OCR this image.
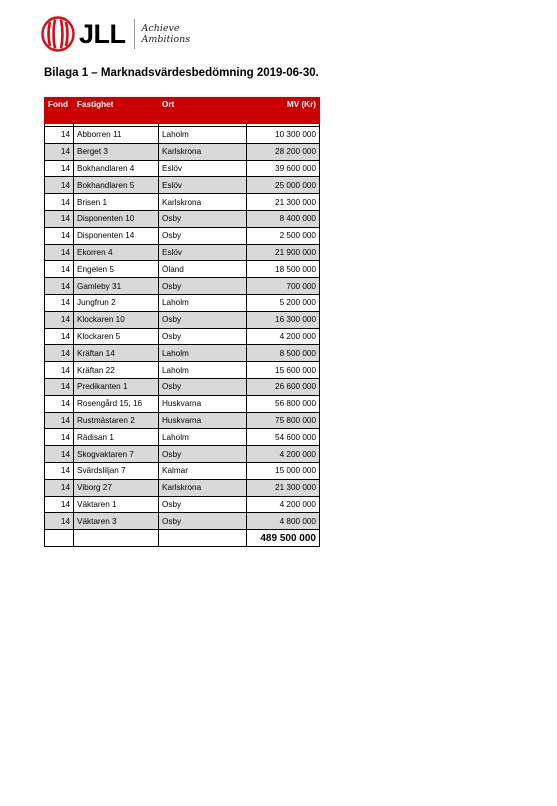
JLL Achieve
Ambitions
Bilaga 1 – Marknadsvärdesbedömning 2019-06-30.
Fond	Fastighet	Ort	MV (Kr)

14	Abborren 11	Laholm	10 300 000
14	Berget 3	Karlskrona	28 200 000
14	Bokhandlaren 4	Eslöv	39 600 000
14	Bokhandlaren 5	Eslöv	25 000 000
14	Brisen 1	Karlskrona	21 300 000
14	Disponenten 10	Osby	8 400 000
14	Disponenten 14	Osby	2 500 000
14	Ekorren 4	Eslöv	21 900 000
14	Engelen 5	Öland	18 500 000
14	Gamleby 31	Osby	700 000
14	Jungfrun 2	Laholm	5 200 000
14	Klockaren 10	Osby	16 300 000
14	Klockaren 5	Osby	4 200 000
14	Kräftan 14	Laholm	8 500 000
14	Kräftan 22	Laholm	15 600 000
14	Predikanten 1	Osby	26 600 000
14	Rosengård 15, 16	Huskvarna	56 800 000
14	Rustmästaren 2	Huskvarna	75 800 000
14	Rädisan 1	Laholm	54 600 000
14	Skogvaktaren 7	Osby	4 200 000
14	Svärdsliljan 7	Kalmar	15 000 000
14	Viborg 27	Karlskrona	21 300 000
14	Väktaren 1	Osby	4 200 000
14	Väktaren 3	Osby	4 800 000
			489 500 000
